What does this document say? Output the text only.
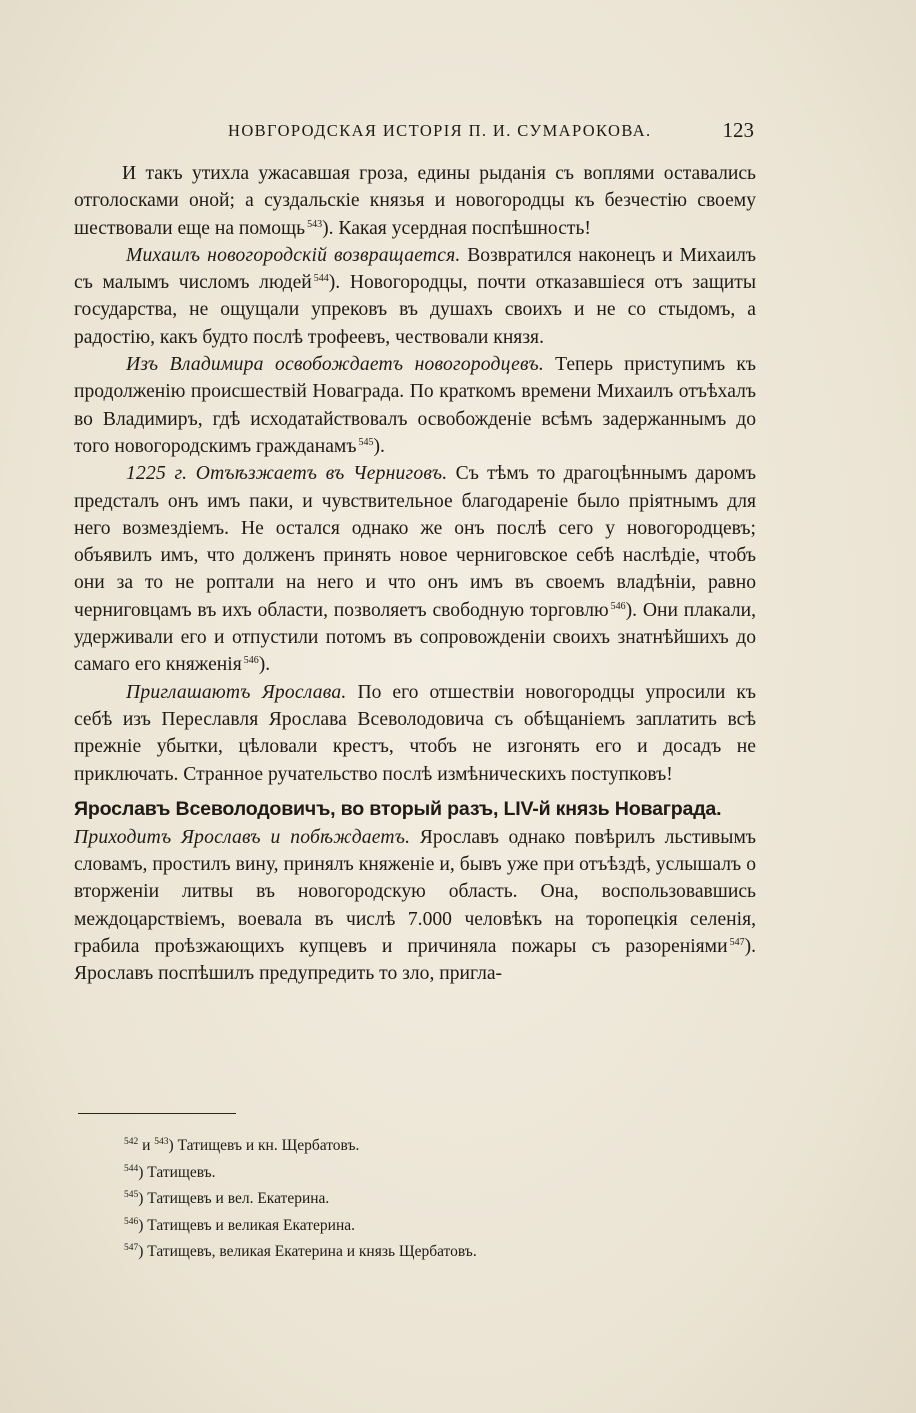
НОВГОРОДСКАЯ ИСТОРІЯ П. И. СУМАРОКОВА.	123

И такъ утихла ужасавшая гроза, едины рыданія съ воплями оставались отголосками оной; а суздальскіе князья и новогородцы къ безчестію своему шествовали еще на помощь $^{543}$). Какая усердная поспѣшность!

Михаилъ новогородскій возвращается. Возвратился наконецъ и Михаилъ съ малымъ числомъ людей $^{544}$). Новогородцы, почти отказавшіеся отъ защиты государства, не ощущали упрековъ въ душахъ своихъ и не со стыдомъ, а радостію, какъ будто послѣ трофеевъ, чествовали князя.

Изъ Владимира освобождаетъ новогородцевъ. Теперь приступимъ къ продолженію происшествій Новаграда. По краткомъ времени Михаилъ отъѣхалъ во Владимиръ, гдѣ исходатайствовалъ освобожденіе всѣмъ задержаннымъ до того новогородскимъ гражданамъ $^{545}$).

1225 г. Отъѣзжаетъ въ Черниговъ. Съ тѣмъ то драгоцѣннымъ даромъ предсталъ онъ имъ паки, и чувствительное благодареніе было пріятнымъ для него возмездіемъ. Не остался однако же онъ послѣ сего у новогородцевъ; объявилъ имъ, что долженъ принять новое черниговское себѣ наслѣдіе, чтобъ они за то не роптали на него и что онъ имъ въ своемъ владѣніи, равно черниговцамъ въ ихъ области, позволяетъ свободную торговлю $^{546}$). Они плакали, удерживали его и отпустили потомъ въ сопровожденіи своихъ знатнѣйшихъ до самаго его княженія $^{546}$).

Приглашаютъ Ярослава. По его отшествіи новогородцы упросили къ себѣ изъ Переславля Ярослава Всеволодовича съ обѣщаніемъ заплатить всѣ прежніе убытки, цѣловали крестъ, чтобъ не изгонять его и досадъ не приключать. Странное ручательство послѣ измѣническихъ поступковъ!

Ярославъ Всеволодовичъ, во вторый разъ, LIV-й князь Новаграда.

Приходитъ Ярославъ и побѣждаетъ. Ярославъ однако повѣрилъ льстивымъ словамъ, простилъ вину, принялъ княженіе и, бывъ уже при отъѣздѣ, услышалъ о вторженіи литвы въ новогородскую область. Она, воспользовавшись междоцарствіемъ, воевала въ числѣ 7.000 человѣкъ на торопецкія селенія, грабила проѣзжающихъ купцевъ и причиняла пожары съ разореніями $^{547}$). Ярославъ поспѣшилъ предупредить то зло, пригла-

$^{542}$ и $^{543}$) Татищевъ и кн. Щербатовъ.
$^{544}$) Татищевъ.
$^{545}$) Татищевъ и вел. Екатерина.
$^{546}$) Татищевъ и великая Екатерина.
$^{547}$) Татищевъ, великая Екатерина и князь Щербатовъ.
